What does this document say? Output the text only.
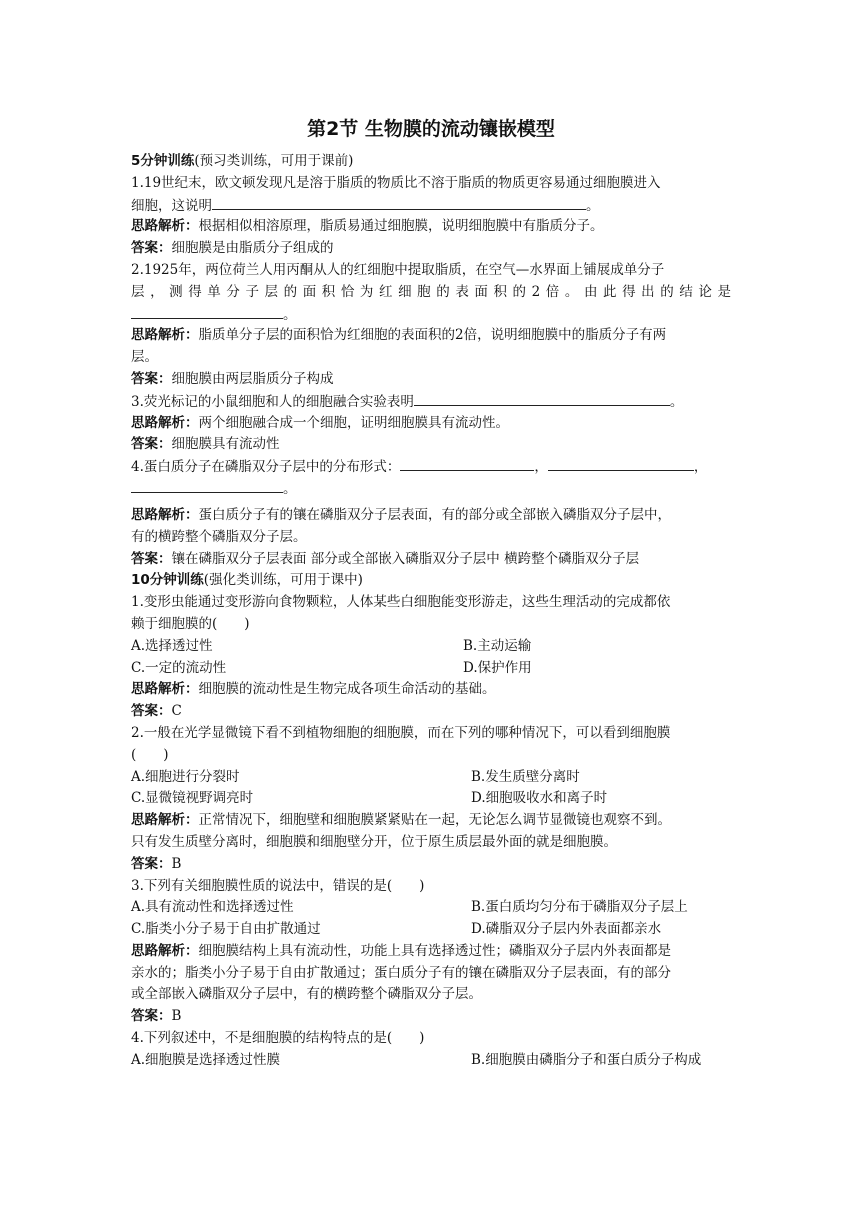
第2节 生物膜的流动镶嵌模型
5分钟训练(预习类训练，可用于课前)
1.19世纪末，欧文顿发现凡是溶于脂质的物质比不溶于脂质的物质更容易通过细胞膜进入
细胞，这说明	。
思路解析：根据相似相溶原理，脂质易通过细胞膜，说明细胞膜中有脂质分子。
答案：细胞膜是由脂质分子组成的
2.1925年，两位荷兰人用丙酮从人的红细胞中提取脂质，在空气—水界面上铺展成单分子
层，测得单分子层的面积恰为红细胞的表面积的2倍。由此得出的结论是
。
思路解析：脂质单分子层的面积恰为红细胞的表面积的2倍，说明细胞膜中的脂质分子有两
层。
答案：细胞膜由两层脂质分子构成
3.荧光标记的小鼠细胞和人的细胞融合实验表明	。
思路解析：两个细胞融合成一个细胞，证明细胞膜具有流动性。
答案：细胞膜具有流动性
4.蛋白质分子在磷脂双分子层中的分布形式：	，	，
。
思路解析：蛋白质分子有的镶在磷脂双分子层表面，有的部分或全部嵌入磷脂双分子层中，
有的横跨整个磷脂双分子层。
答案：镶在磷脂双分子层表面 部分或全部嵌入磷脂双分子层中 横跨整个磷脂双分子层
10分钟训练(强化类训练，可用于课中)
1.变形虫能通过变形游向食物颗粒，人体某些白细胞能变形游走，这些生理活动的完成都依
赖于细胞膜的(　　)
A.选择透过性	B.主动运输
C.一定的流动性	D.保护作用
思路解析：细胞膜的流动性是生物完成各项生命活动的基础。
答案：C
2.一般在光学显微镜下看不到植物细胞的细胞膜，而在下列的哪种情况下，可以看到细胞膜
(　　)
A.细胞进行分裂时	B.发生质壁分离时
C.显微镜视野调亮时	D.细胞吸收水和离子时
思路解析：正常情况下，细胞壁和细胞膜紧紧贴在一起，无论怎么调节显微镜也观察不到。
只有发生质壁分离时，细胞膜和细胞壁分开，位于原生质层最外面的就是细胞膜。
答案：B
3.下列有关细胞膜性质的说法中，错误的是(　　)
A.具有流动性和选择透过性	B.蛋白质均匀分布于磷脂双分子层上
C.脂类小分子易于自由扩散通过	D.磷脂双分子层内外表面都亲水
思路解析：细胞膜结构上具有流动性，功能上具有选择透过性；磷脂双分子层内外表面都是
亲水的；脂类小分子易于自由扩散通过；蛋白质分子有的镶在磷脂双分子层表面，有的部分
或全部嵌入磷脂双分子层中，有的横跨整个磷脂双分子层。
答案：B
4.下列叙述中，不是细胞膜的结构特点的是(　　)
A.细胞膜是选择透过性膜	B.细胞膜由磷脂分子和蛋白质分子构成
